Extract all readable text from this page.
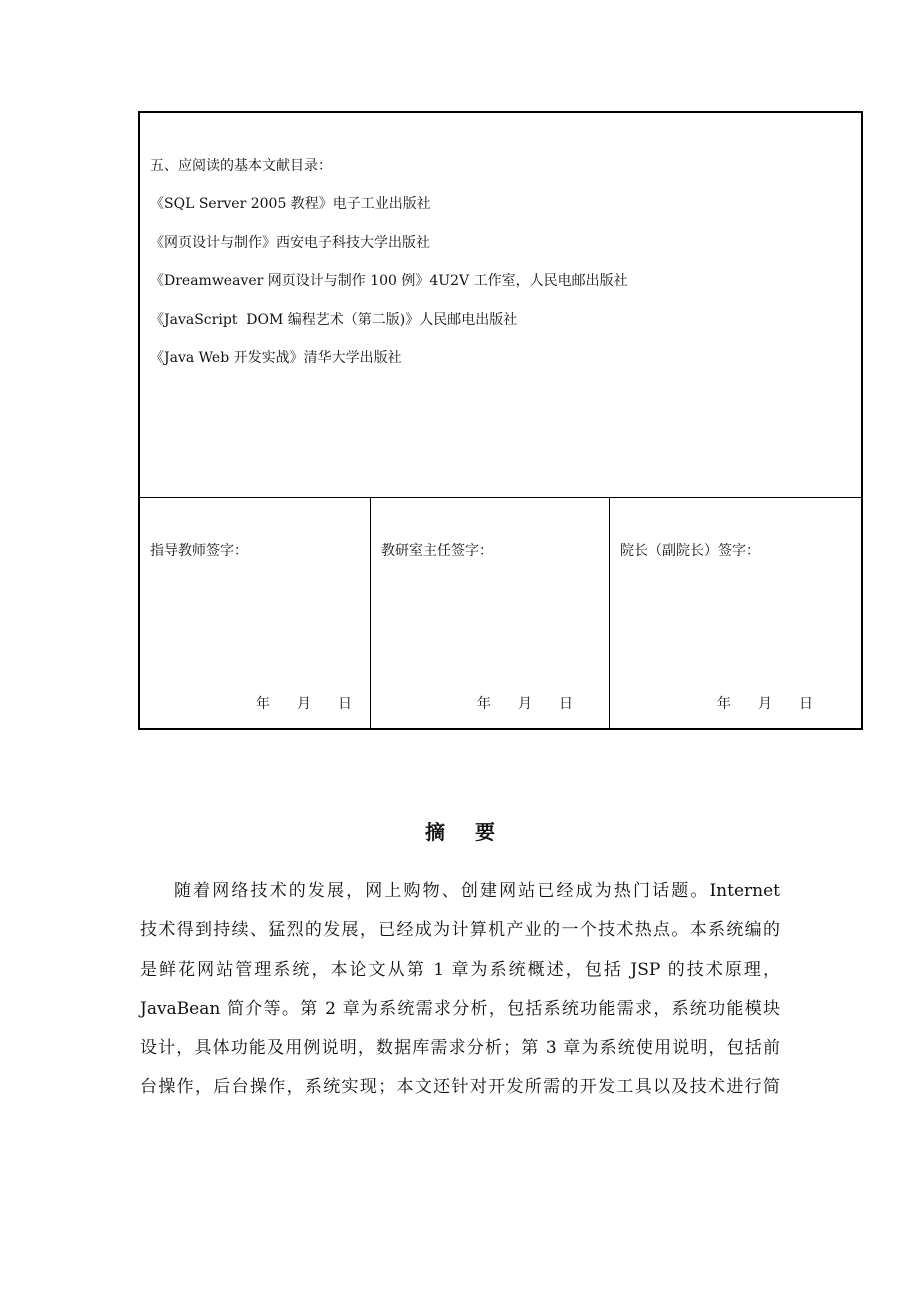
五、应阅读的基本文献目录：
《SQL Server 2005 教程》电子工业出版社
《网页设计与制作》西安电子科技大学出版社
《Dreamweaver 网页设计与制作 100 例》4U2V 工作室，人民电邮出版社
《JavaScript  DOM 编程艺术（第二版)》人民邮电出版社
《Java Web 开发实战》清华大学出版社
指导教师签字：
年 月 日
教研室主任签字：
年 月 日
院长（副院长）签字：
年 月 日
摘要
随着网络技术的发展，网上购物、创建网站已经成为热门话题。Internet
技术得到持续、猛烈的发展，已经成为计算机产业的一个技术热点。本系统编的
是鲜花网站管理系统，本论文从第 1 章为系统概述，包括 JSP 的技术原理，
JavaBean 简介等。第 2 章为系统需求分析，包括系统功能需求，系统功能模块
设计，具体功能及用例说明，数据库需求分析；第 3 章为系统使用说明，包括前
台操作，后台操作，系统实现；本文还针对开发所需的开发工具以及技术进行简
